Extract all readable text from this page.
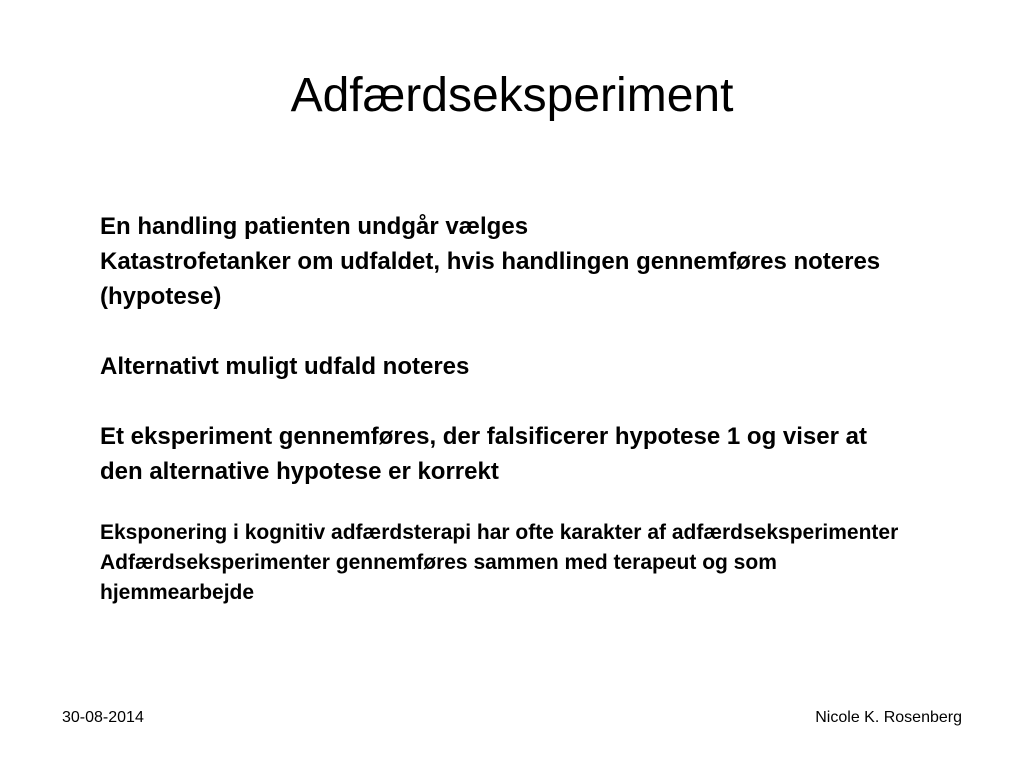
Adfærdseksperiment

En handling patienten undgår vælges

Katastrofetanker om udfaldet, hvis handlingen gennemføres noteres (hypotese)

Alternativt muligt udfald noteres

Et eksperiment gennemføres, der falsificerer hypotese 1 og viser at den alternative hypotese er korrekt

Eksponering i kognitiv adfærdsterapi har ofte karakter af adfærdseksperimenter

Adfærdseksperimenter gennemføres sammen med terapeut og som hjemmearbejde

30-08-2014	Nicole K. Rosenberg
